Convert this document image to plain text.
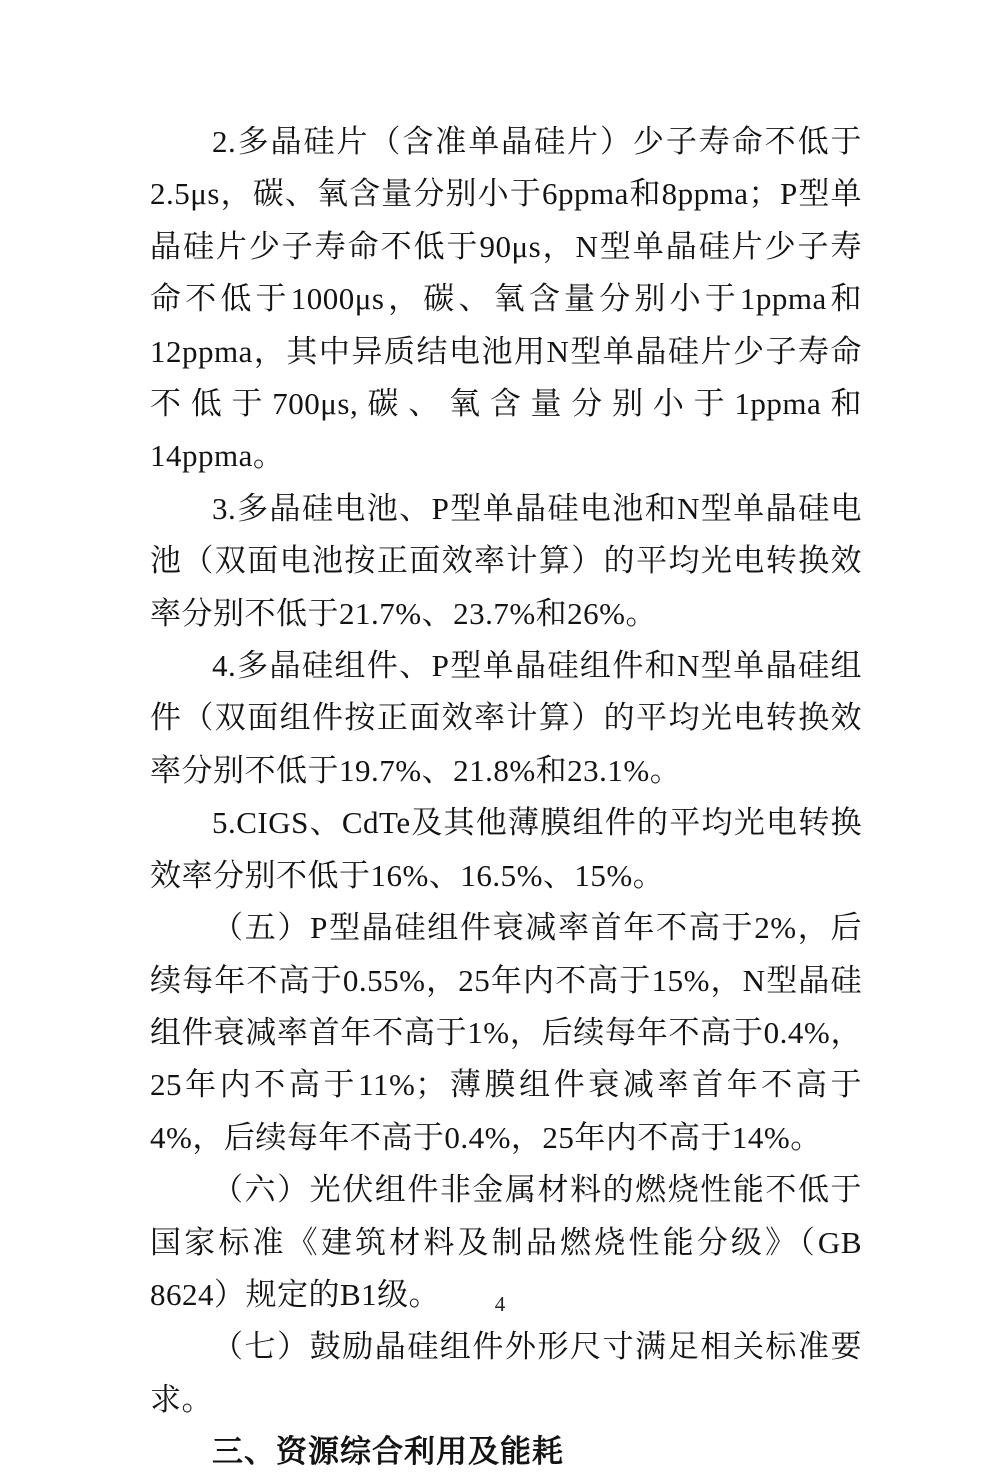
2.多晶硅片（含准单晶硅片）少子寿命不低于2.5μs，碳、氧含量分别小于6ppma和8ppma；P型单晶硅片少子寿命不低于90μs，N型单晶硅片少子寿命不低于1000μs，碳、氧含量分别小于1ppma和12ppma，其中异质结电池用N型单晶硅片少子寿命不低于700μs,碳、氧含量分别小于1ppma和14ppma。

3.多晶硅电池、P型单晶硅电池和N型单晶硅电池（双面电池按正面效率计算）的平均光电转换效率分别不低于21.7%、23.7%和26%。

4.多晶硅组件、P型单晶硅组件和N型单晶硅组件（双面组件按正面效率计算）的平均光电转换效率分别不低于19.7%、21.8%和23.1%。

5.CIGS、CdTe及其他薄膜组件的平均光电转换效率分别不低于16%、16.5%、15%。

（五）P型晶硅组件衰减率首年不高于2%，后续每年不高于0.55%，25年内不高于15%，N型晶硅组件衰减率首年不高于1%，后续每年不高于0.4%，25年内不高于11%；薄膜组件衰减率首年不高于4%，后续每年不高于0.4%，25年内不高于14%。

（六）光伏组件非金属材料的燃烧性能不低于国家标准《建筑材料及制品燃烧性能分级》（GB 8624）规定的B1级。

（七）鼓励晶硅组件外形尺寸满足相关标准要求。

三、资源综合利用及能耗
4
